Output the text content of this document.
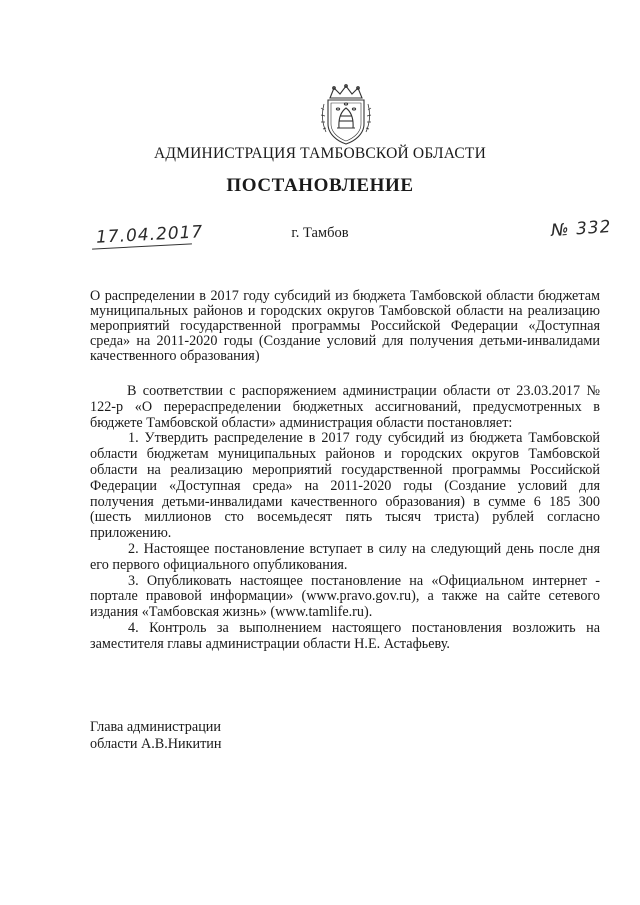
АДМИНИСТРАЦИЯ ТАМБОВСКОЙ ОБЛАСТИ
ПОСТАНОВЛЕНИЕ
17.04.2017	г. Тамбов	№ 332
О распределении в 2017 году субсидий из бюджета Тамбовской области бюджетам муниципальных районов и городских округов Тамбовской области на реализацию мероприятий государственной программы Российской Федерации «Доступная среда» на 2011-2020 годы (Создание условий для получения детьми-инвалидами качественного образования)

В соответствии с распоряжением администрации области от 23.03.2017 № 122-р «О перераспределении бюджетных ассигнований, предусмотренных в бюджете Тамбовской области» администрация области постановляет:

1. Утвердить распределение в 2017 году субсидий из бюджета Тамбовской области бюджетам муниципальных районов и городских округов Тамбовской области на реализацию мероприятий государственной программы Российской Федерации «Доступная среда» на 2011-2020 годы (Создание условий для получения детьми-инвалидами качественного образования) в сумме 6 185 300 (шесть миллионов сто восемьдесят пять тысяч триста) рублей согласно приложению.

2. Настоящее постановление вступает в силу на следующий день после дня его первого официального опубликования.

3. Опубликовать настоящее постановление на «Официальном интернет - портале правовой информации» (www.pravo.gov.ru), а также на сайте сетевого издания «Тамбовская жизнь» (www.tamlife.ru).

4. Контроль за выполнением настоящего постановления возложить на заместителя главы администрации области Н.Е. Астафьеву.

Глава администрации
области А.В.Никитин
